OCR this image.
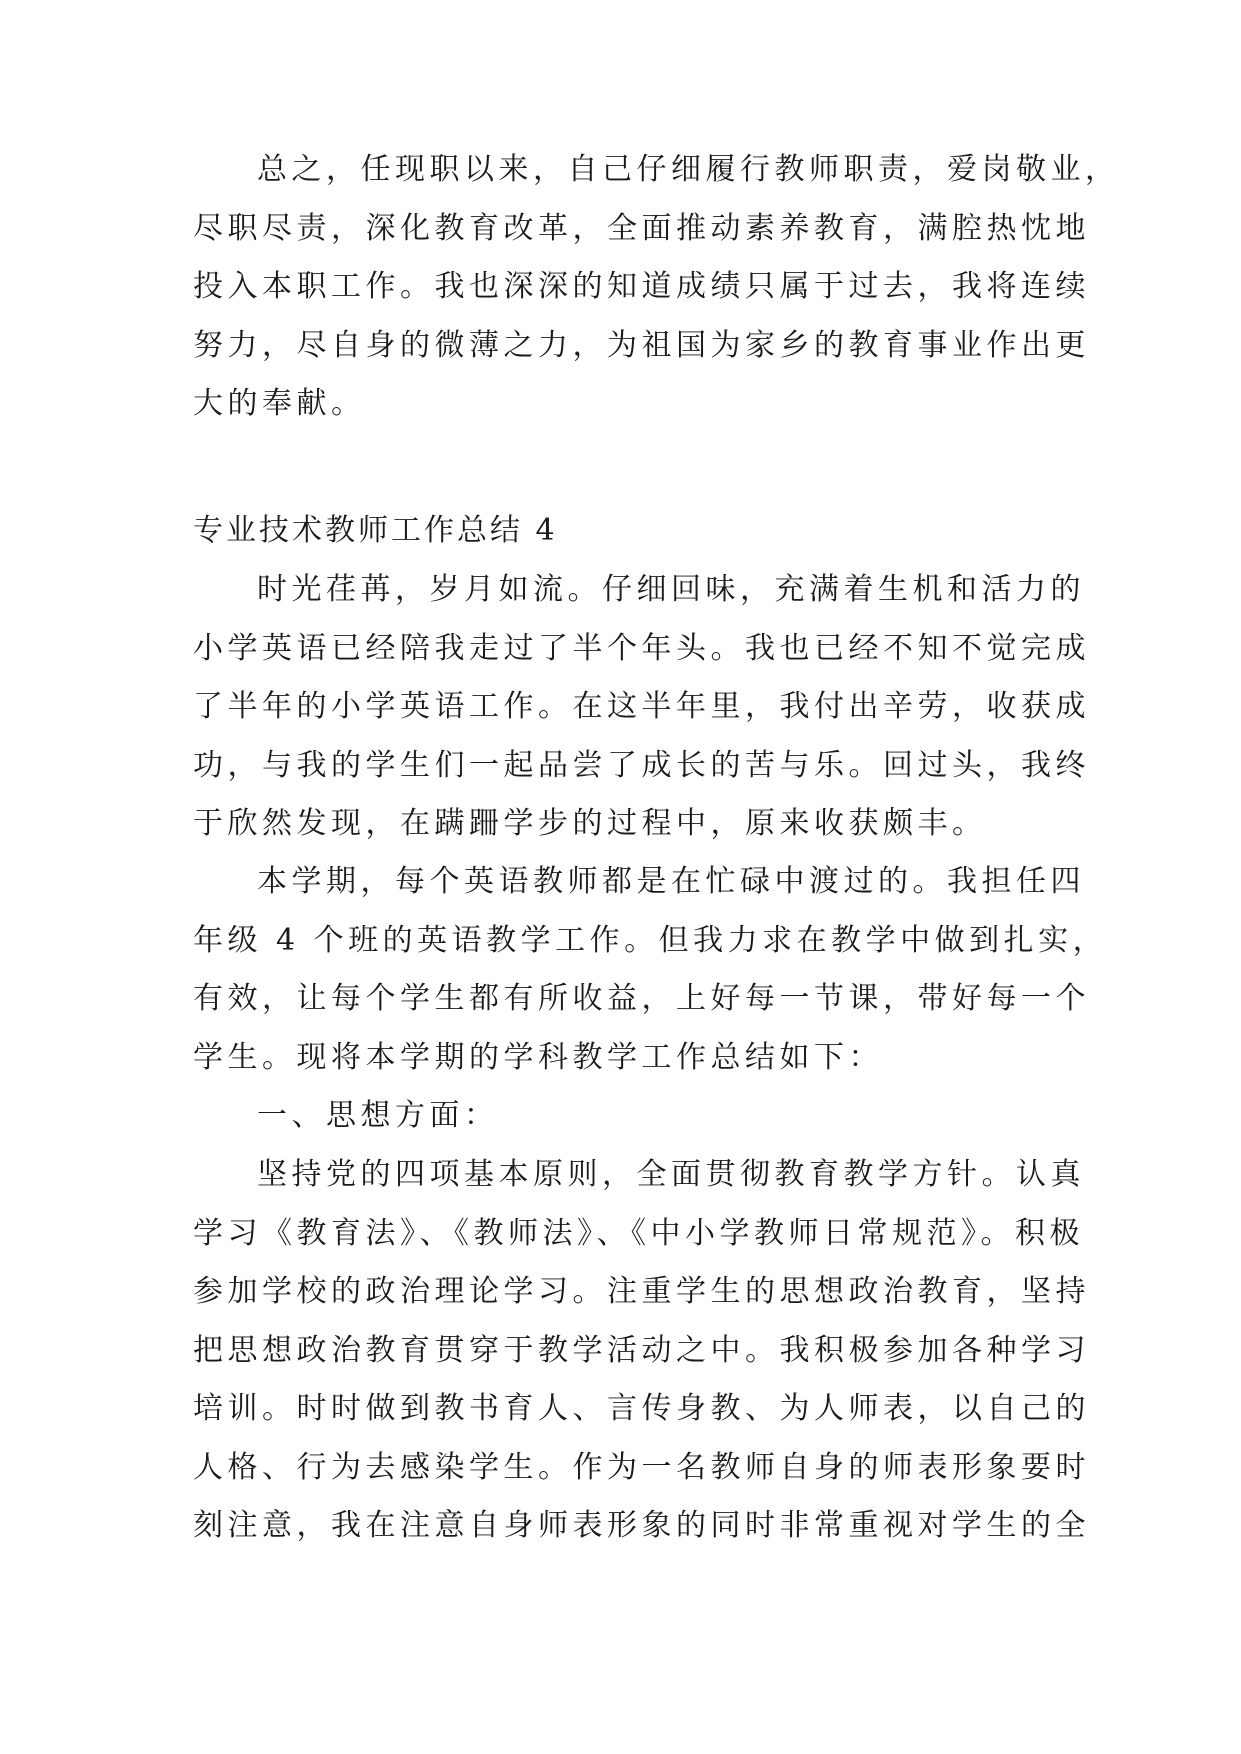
总之，任现职以来，自己仔细履行教师职责，爱岗敬业，
尽职尽责，深化教育改革，全面推动素养教育，满腔热忱地
投入本职工作。我也深深的知道成绩只属于过去，我将连续
努力，尽自身的微薄之力，为祖国为家乡的教育事业作出更
大的奉献。
专业技术教师工作总结 4
时光荏苒，岁月如流。仔细回味，充满着生机和活力的
小学英语已经陪我走过了半个年头。我也已经不知不觉完成
了半年的小学英语工作。在这半年里，我付出辛劳，收获成
功，与我的学生们一起品尝了成长的苦与乐。回过头，我终
于欣然发现，在蹒跚学步的过程中，原来收获颇丰。
本学期，每个英语教师都是在忙碌中渡过的。我担任四
年级 4 个班的英语教学工作。但我力求在教学中做到扎实，
有效，让每个学生都有所收益，上好每一节课，带好每一个
学生。现将本学期的学科教学工作总结如下：
一、思想方面：
坚持党的四项基本原则，全面贯彻教育教学方针。认真
学习《教育法》、《教师法》、《中小学教师日常规范》。积极
参加学校的政治理论学习。注重学生的思想政治教育，坚持
把思想政治教育贯穿于教学活动之中。我积极参加各种学习
培训。时时做到教书育人、言传身教、为人师表，以自己的
人格、行为去感染学生。作为一名教师自身的师表形象要时
刻注意，我在注意自身师表形象的同时非常重视对学生的全
